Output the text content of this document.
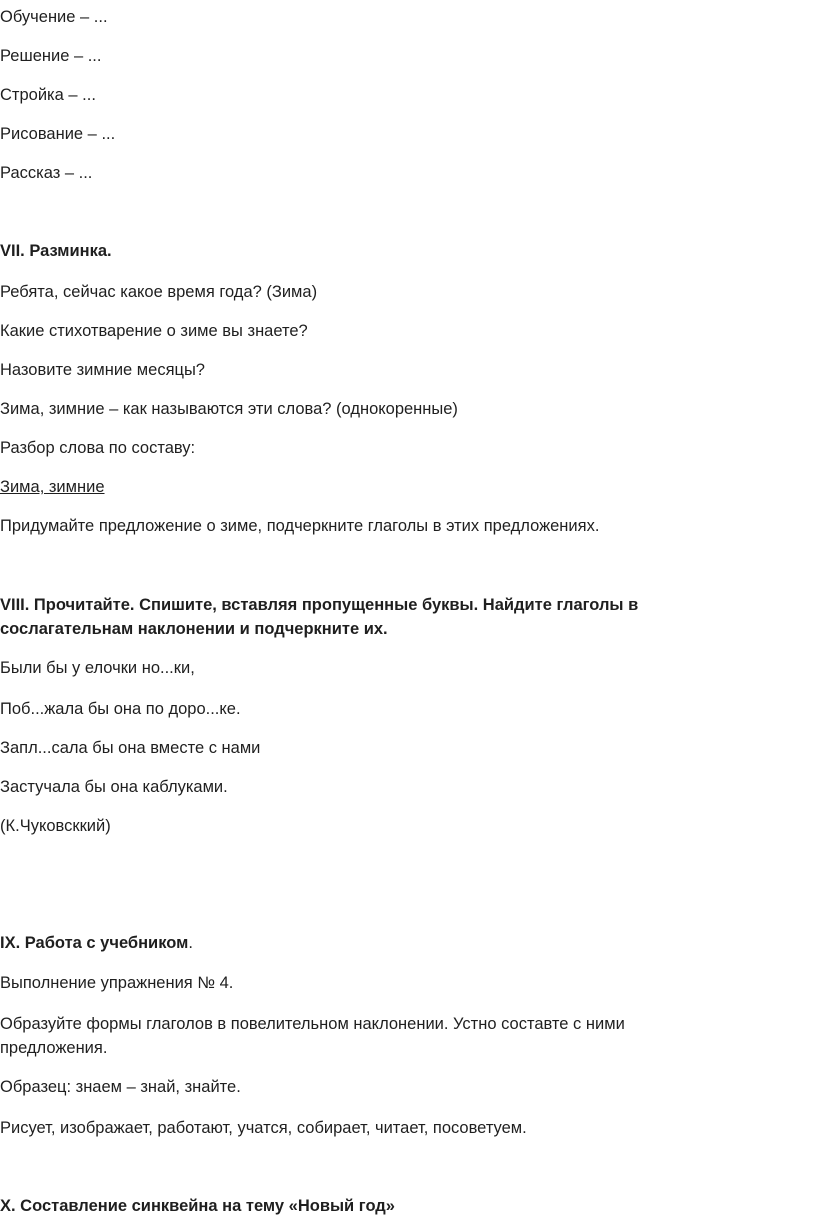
Обучение – ...

Решение – ...

Стройка – ...

Рисование – ...

Рассказ – ...

VII. Разминка.

Ребята, сейчас какое время года? (Зима)

Какие стихотварение о зиме вы знаете?

Назовите зимние месяцы?

Зима, зимние – как называются эти слова? (однокоренные)

Разбор слова по составу:

Зима, зимние

Придумайте предложение о зиме, подчеркните глаголы в этих предложениях.

VIII. Прочитайте. Спишите, вставляя пропущенные буквы. Найдите глаголы в

сослагательнам наклонении и подчеркните их.

Были бы у елочки но...ки,

Поб...жала бы она по доро...ке.

Запл...сала бы она вместе с нами

Застучала бы она каблуками.

(К.Чуковсккий)

IX. Работа с учебником.

Выполнение упражнения № 4.

Образуйте формы глаголов в повелительном наклонении. Устно составте с ними

предложения.

Образец: знаем – знай, знайте.

Рисует, изображает, работают, учатся, собирает, читает, посоветуем.

X. Составление синквейна на тему «Новый год»
